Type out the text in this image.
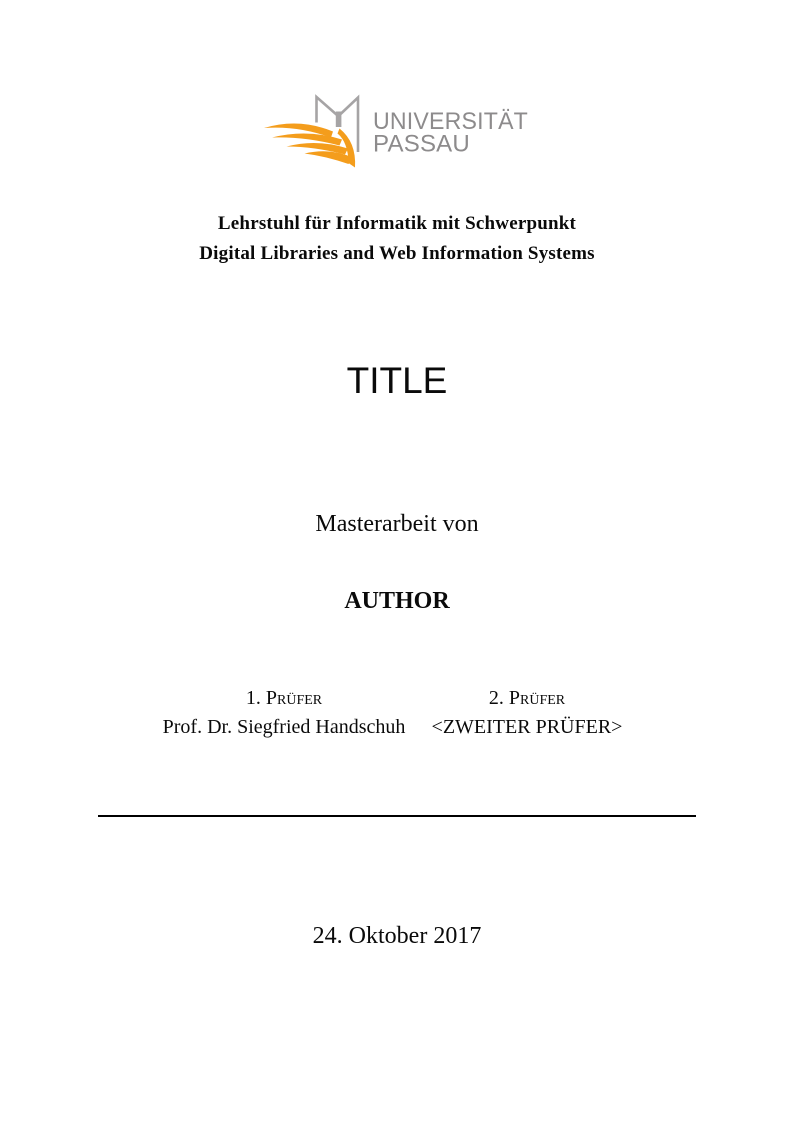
UNIVERSITÄT
PASSAU
Lehrstuhl für Informatik mit Schwerpunkt
Digital Libraries and Web Information Systems
TITLE
Masterarbeit von
AUTHOR
1. Prüfer
Prof. Dr. Siegfried Handschuh
2. Prüfer
<ZWEITER PRÜFER>
24. Oktober 2017
